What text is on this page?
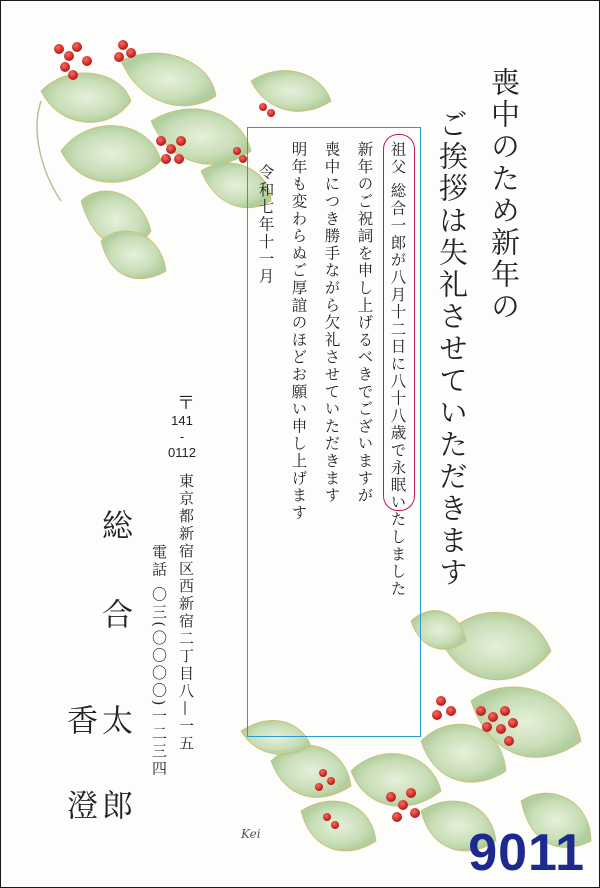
喪中のため新年の
ご挨拶は失礼させていただきます
祖父 総合一郎が八月十二日に八十八歳で永眠いたしました
新年のご祝詞を申し上げるべきでございますが
喪中につき勝手ながら欠礼させていただきます
明年も変わらぬご厚誼のほどお願い申し上げます
令和七年十一月
〒
141
-
0112
東京都新宿区西新宿二丁目八—一五
電話 〇三(〇〇〇〇)一二三四
総
合
香
澄
太
郎
Kei	9011
